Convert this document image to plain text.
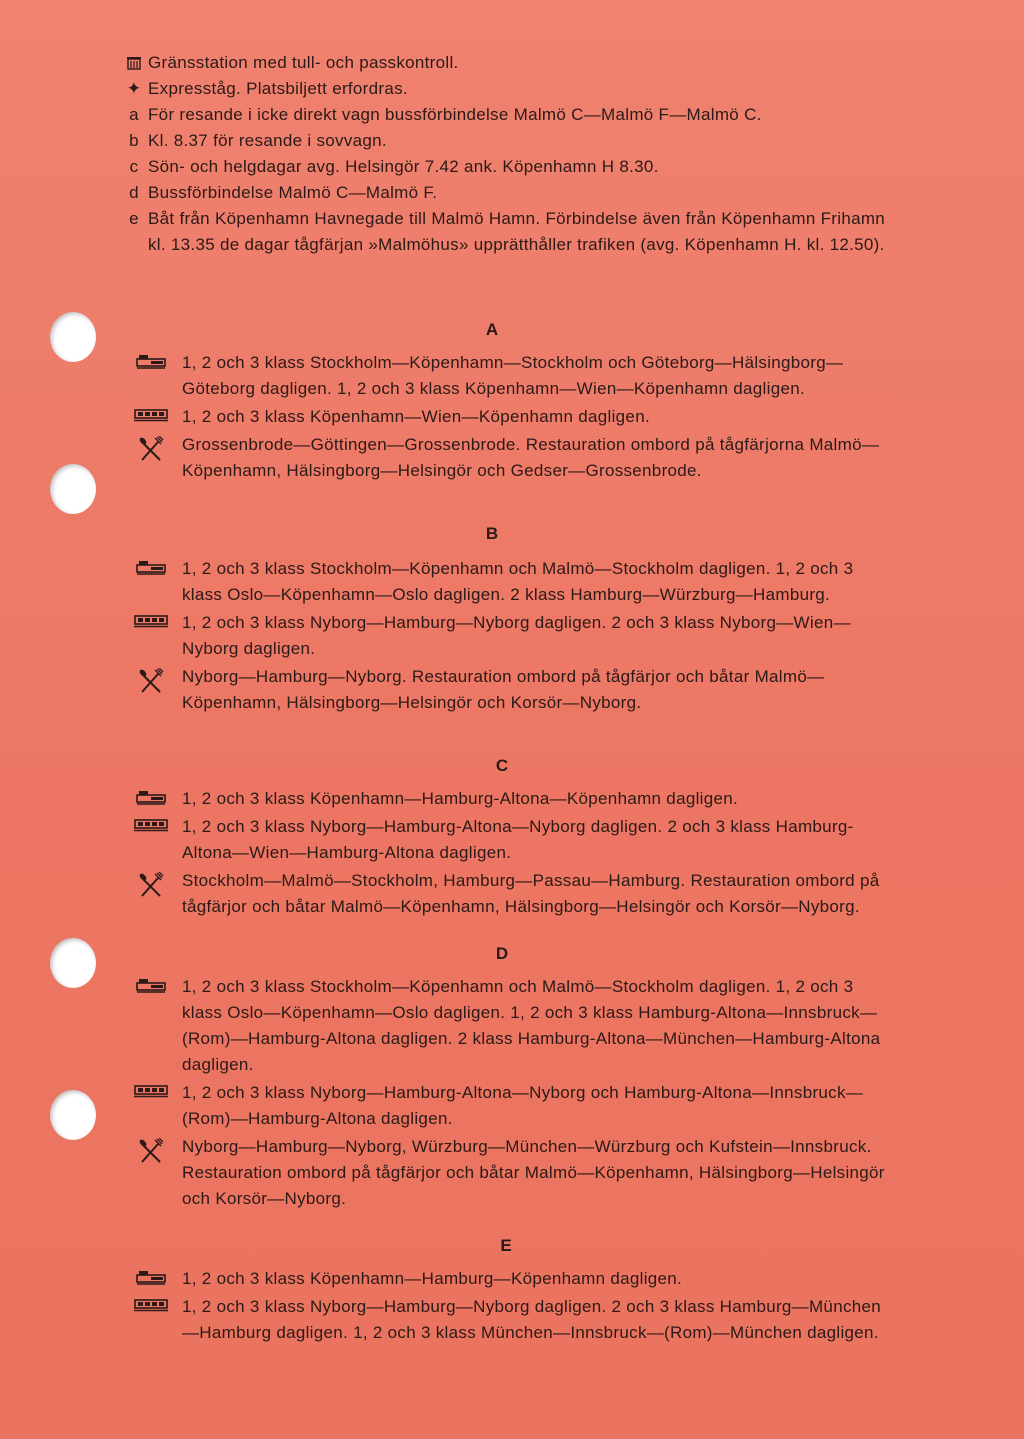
Gränsstation med tull- och passkontroll.
✦ Expresståg. Platsbiljett erfordras.
a För resande i icke direkt vagn bussförbindelse Malmö C—Malmö F—Malmö C.
b Kl. 8.37 för resande i sovvagn.
c Sön- och helgdagar avg. Helsingör 7.42 ank. Köpenhamn H 8.30.
d Bussförbindelse Malmö C—Malmö F.
e Båt från Köpenhamn Havnegade till Malmö Hamn. Förbindelse även från Köpenhamn Frihamn kl. 13.35 de dagar tågfärjan »Malmöhus» upprätthåller trafiken (avg. Köpenhamn H. kl. 12.50).
A
1, 2 och 3 klass Stockholm—Köpenhamn—Stockholm och Göteborg—Hälsingborg—Göteborg dagligen. 1, 2 och 3 klass Köpenhamn—Wien—Köpenhamn dagligen.
1, 2 och 3 klass Köpenhamn—Wien—Köpenhamn dagligen.
Grossenbrode—Göttingen—Grossenbrode. Restauration ombord på tågfärjorna Malmö—Köpenhamn, Hälsingborg—Helsingör och Gedser—Grossenbrode.
B
1, 2 och 3 klass Stockholm—Köpenhamn och Malmö—Stockholm dagligen. 1, 2 och 3 klass Oslo—Köpenhamn—Oslo dagligen. 2 klass Hamburg—Würzburg—Hamburg.
1, 2 och 3 klass Nyborg—Hamburg—Nyborg dagligen. 2 och 3 klass Nyborg—Wien—Nyborg dagligen.
Nyborg—Hamburg—Nyborg. Restauration ombord på tågfärjor och båtar Malmö—Köpenhamn, Hälsingborg—Helsingör och Korsör—Nyborg.
C
1, 2 och 3 klass Köpenhamn—Hamburg-Altona—Köpenhamn dagligen.
1, 2 och 3 klass Nyborg—Hamburg-Altona—Nyborg dagligen. 2 och 3 klass Hamburg-Altona—Wien—Hamburg-Altona dagligen.
Stockholm—Malmö—Stockholm, Hamburg—Passau—Hamburg. Restauration ombord på tågfärjor och båtar Malmö—Köpenhamn, Hälsingborg—Helsingör och Korsör—Nyborg.
D
1, 2 och 3 klass Stockholm—Köpenhamn och Malmö—Stockholm dagligen. 1, 2 och 3 klass Oslo—Köpenhamn—Oslo dagligen. 1, 2 och 3 klass Hamburg-Altona—Innsbruck—(Rom)—Hamburg-Altona dagligen. 2 klass Hamburg-Altona—München—Hamburg-Altona dagligen.
1, 2 och 3 klass Nyborg—Hamburg-Altona—Nyborg och Hamburg-Altona—Innsbruck—(Rom)—Hamburg-Altona dagligen.
Nyborg—Hamburg—Nyborg, Würzburg—München—Würzburg och Kufstein—Innsbruck. Restauration ombord på tågfärjor och båtar Malmö—Köpenhamn, Hälsingborg—Helsingör och Korsör—Nyborg.
E
1, 2 och 3 klass Köpenhamn—Hamburg—Köpenhamn dagligen.
1, 2 och 3 klass Nyborg—Hamburg—Nyborg dagligen. 2 och 3 klass Hamburg—München—Hamburg dagligen. 1, 2 och 3 klass München—Innsbruck—(Rom)—München dagligen.
